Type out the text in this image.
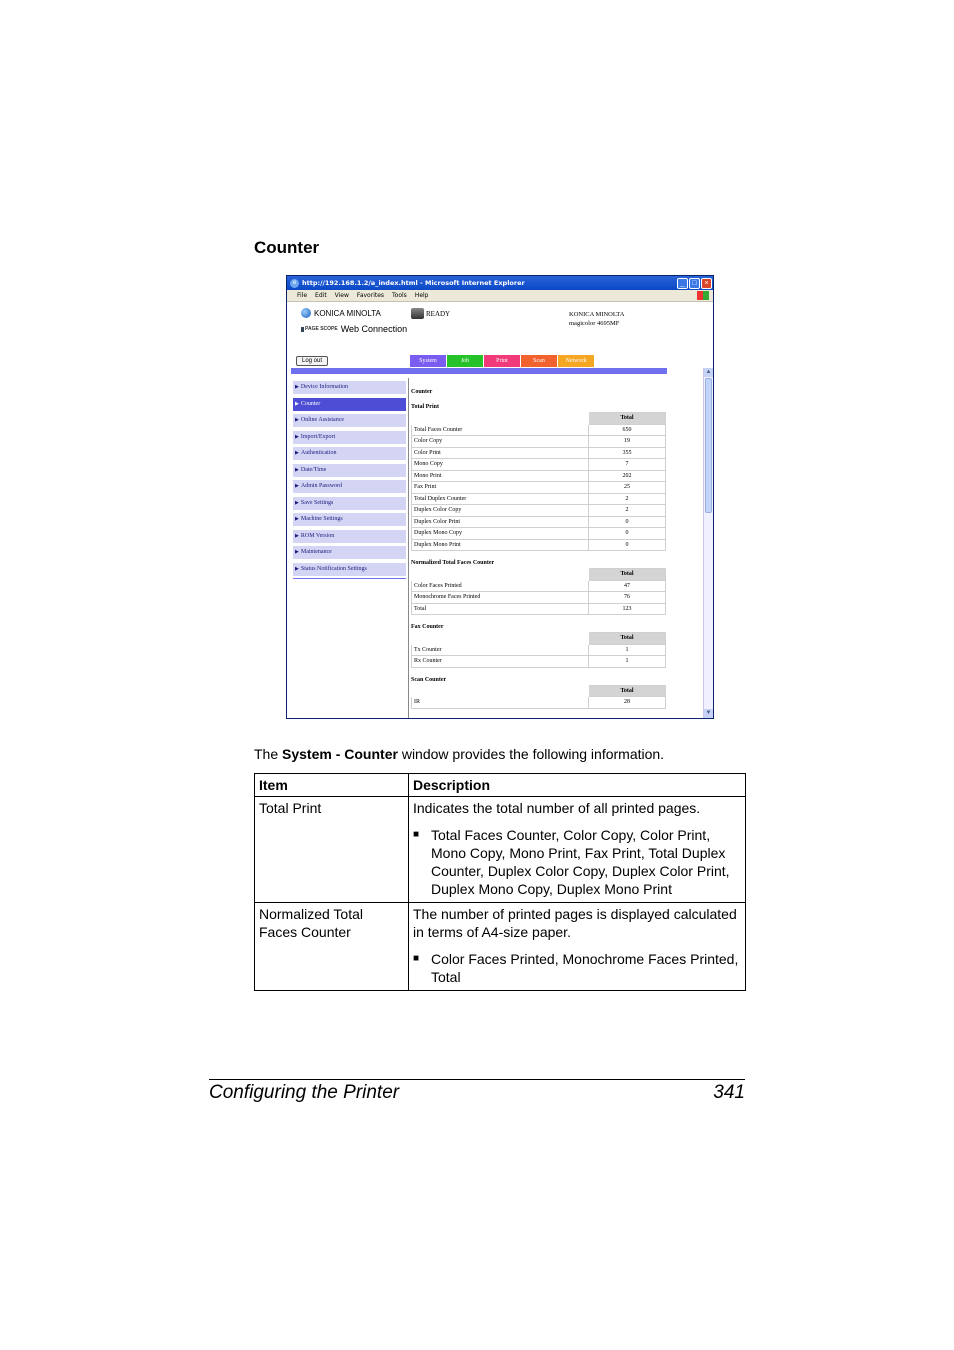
Counter
e http://192.168.1.2/a_index.html - Microsoft Internet Explorer	_	□	×
File Edit View Favorites Tools Help
KONICA MINOLTA
PAGE SCOPE Web Connection
READY	KONICA MINOLTA
magicolor 4695MF
Log out	System	Job	Print	Scan	Network
▶ Device Information
▶ Counter
▶ Online Assistance
▶ Import/Export
▶ Authentication
▶ Date/Time
▶ Admin Password
▶ Save Settings
▶ Machine Settings
▶ ROM Version
▶ Maintenance
▶ Status Notification Settings
Counter
Total Print
	Total
Total Faces Counter	650
Color Copy	19
Color Print	355
Mono Copy	7
Mono Print	202
Fax Print	25
Total Duplex Counter	2
Duplex Color Copy	2
Duplex Color Print	0
Duplex Mono Copy	0
Duplex Mono Print	0
Normalized Total Faces Counter
	Total
Color Faces Printed	47
Monochrome Faces Printed	76
Total	123
Fax Counter
	Total
Tx Counter	1
Rx Counter	1
Scan Counter
	Total
IR	28
▲
▼
The System - Counter window provides the following information.
Item	Description
Total Print	Indicates the total number of all printed pages.

■ Total Faces Counter, Color Copy, Color Print, Mono Copy, Mono Print, Fax Print, Total Duplex Counter, Duplex Color Copy, Duplex Color Print, Duplex Mono Copy, Duplex Mono Print

Normalized Total Faces Counter	The number of printed pages is displayed calculated in terms of A4-size paper.

■ Color Faces Printed, Monochrome Faces Printed, Total
Configuring the Printer	341
